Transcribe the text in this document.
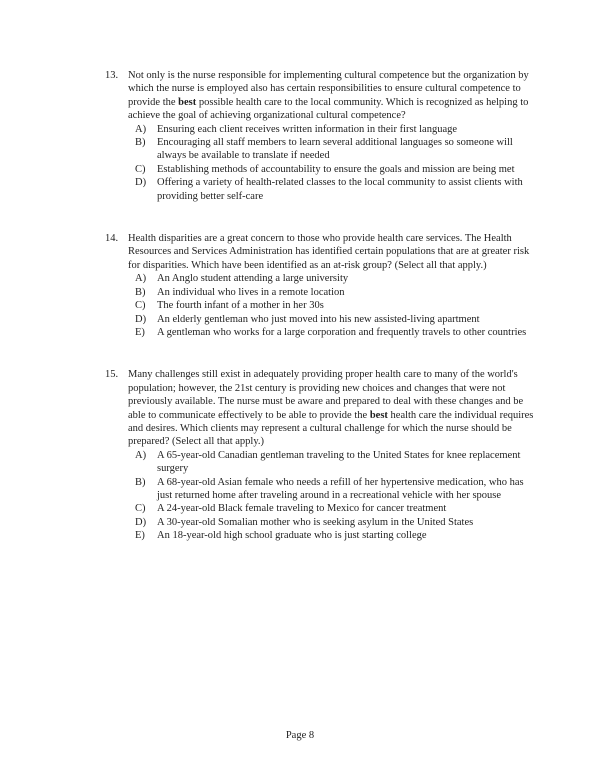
13. Not only is the nurse responsible for implementing cultural competence but the organization by which the nurse is employed also has certain responsibilities to ensure cultural competence to provide the best possible health care to the local community. Which is recognized as helping to achieve the goal of achieving organizational cultural competence?
A)	Ensuring each client receives written information in their first language
B)	Encouraging all staff members to learn several additional languages so someone will always be available to translate if needed
C)	Establishing methods of accountability to ensure the goals and mission are being met
D)	Offering a variety of health-related classes to the local community to assist clients with providing better self-care
14. Health disparities are a great concern to those who provide health care services. The Health Resources and Services Administration has identified certain populations that are at greater risk for disparities. Which have been identified as an at-risk group? (Select all that apply.)
A)	An Anglo student attending a large university
B)	An individual who lives in a remote location
C)	The fourth infant of a mother in her 30s
D)	An elderly gentleman who just moved into his new assisted-living apartment
E)	A gentleman who works for a large corporation and frequently travels to other countries
15. Many challenges still exist in adequately providing proper health care to many of the world's population; however, the 21st century is providing new choices and changes that were not previously available. The nurse must be aware and prepared to deal with these changes and be able to communicate effectively to be able to provide the best health care the individual requires and desires. Which clients may represent a cultural challenge for which the nurse should be prepared? (Select all that apply.)
A)	A 65-year-old Canadian gentleman traveling to the United States for knee replacement surgery
B)	A 68-year-old Asian female who needs a refill of her hypertensive medication, who has just returned home after traveling around in a recreational vehicle with her spouse
C)	A 24-year-old Black female traveling to Mexico for cancer treatment
D)	A 30-year-old Somalian mother who is seeking asylum in the United States
E)	An 18-year-old high school graduate who is just starting college
Page 8
